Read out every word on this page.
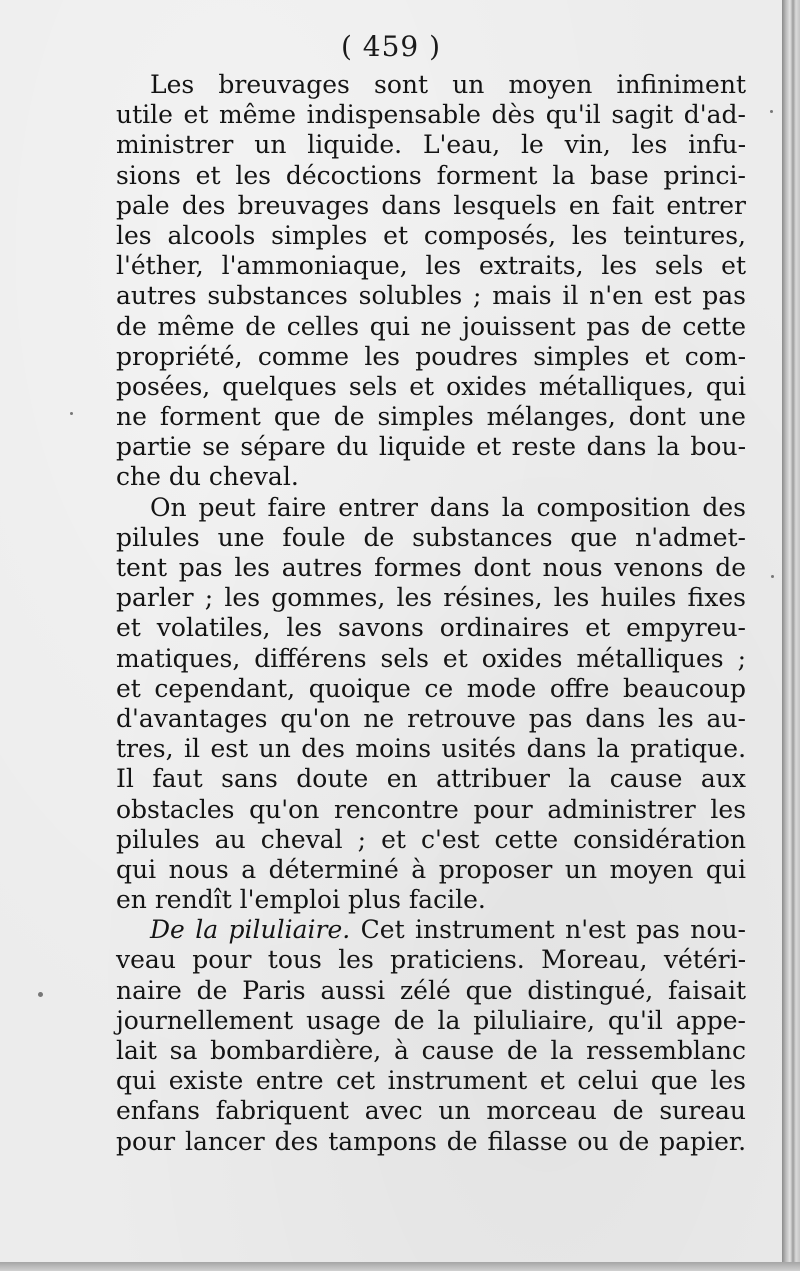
( 459 )
Les breuvages sont un moyen infiniment
utile et même indispensable dès qu'il sagit d'ad-
ministrer un liquide. L'eau, le vin, les infu-
sions et les décoctions forment la base princi-
pale des breuvages dans lesquels en fait entrer
les alcools simples et composés, les teintures,
l'éther, l'ammoniaque, les extraits, les sels et
autres substances solubles ; mais il n'en est pas
de même de celles qui ne jouissent pas de cette
propriété, comme les poudres simples et com-
posées, quelques sels et oxides métalliques, qui
ne forment que de simples mélanges, dont une
partie se sépare du liquide et reste dans la bou-
che du cheval.
On peut faire entrer dans la composition des
pilules une foule de substances que n'admet-
tent pas les autres formes dont nous venons de
parler ; les gommes, les résines, les huiles fixes
et volatiles, les savons ordinaires et empyreu-
matiques, différens sels et oxides métalliques ;
et cependant, quoique ce mode offre beaucoup
d'avantages qu'on ne retrouve pas dans les au-
tres, il est un des moins usités dans la pratique.
Il faut sans doute en attribuer la cause aux
obstacles qu'on rencontre pour administrer les
pilules au cheval ; et c'est cette considération
qui nous a déterminé à proposer un moyen qui
en rendît l'emploi plus facile.
De la piluliaire. Cet instrument n'est pas nou-
veau pour tous les praticiens. Moreau, vétéri-
naire de Paris aussi zélé que distingué, faisait
journellement usage de la piluliaire, qu'il appe-
lait sa bombardière, à cause de la ressemblanc
qui existe entre cet instrument et celui que les
enfans fabriquent avec un morceau de sureau
pour lancer des tampons de filasse ou de papier.
